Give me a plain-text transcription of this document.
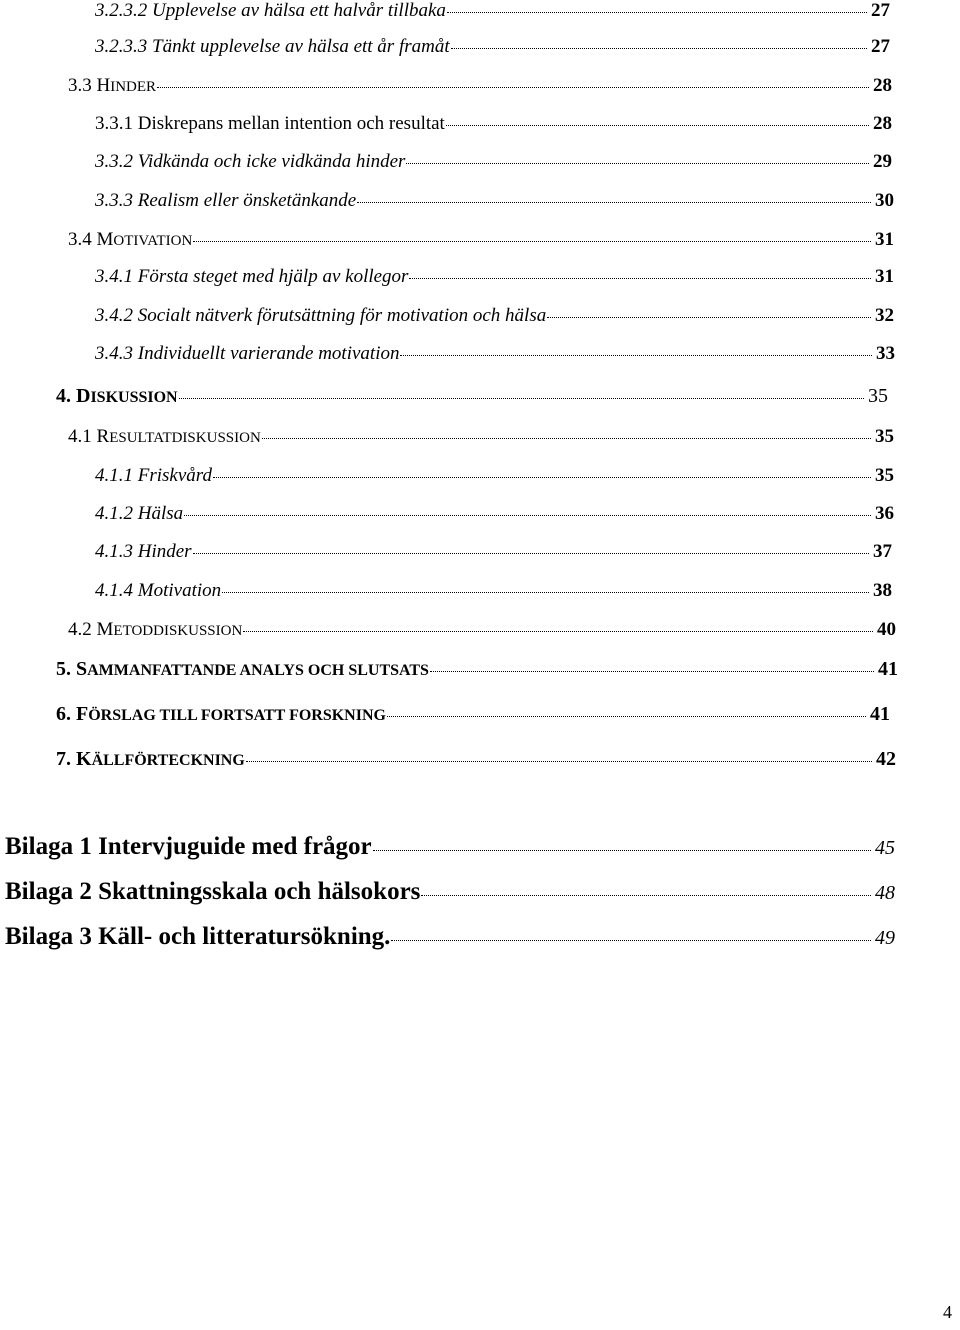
3.2.3.2 Upplevelse av hälsa ett halvår tillbaka	27
3.2.3.3 Tänkt upplevelse av hälsa ett år framåt	27
3.3 HINDER	28
3.3.1 Diskrepans mellan intention och resultat	28
3.3.2 Vidkända och icke vidkända hinder	29
3.3.3 Realism eller önsketänkande	30
3.4 MOTIVATION	31
3.4.1 Första steget med hjälp av kollegor	31
3.4.2 Socialt nätverk förutsättning för motivation och hälsa	32
3.4.3 Individuellt varierande motivation	33
4. DISKUSSION	35
4.1 RESULTATDISKUSSION	35
4.1.1 Friskvård	35
4.1.2 Hälsa	36
4.1.3 Hinder	37
4.1.4 Motivation	38
4.2 METODDISKUSSION	40
5. SAMMANFATTANDE ANALYS OCH SLUTSATS	41
6. FÖRSLAG TILL FORTSATT FORSKNING	41
7. KÄLLFÖRTECKNING	42
Bilaga 1 Intervjuguide med frågor	45
Bilaga 2 Skattningsskala och hälsokors	48
Bilaga 3 Käll- och litteratursökning.	49
4
